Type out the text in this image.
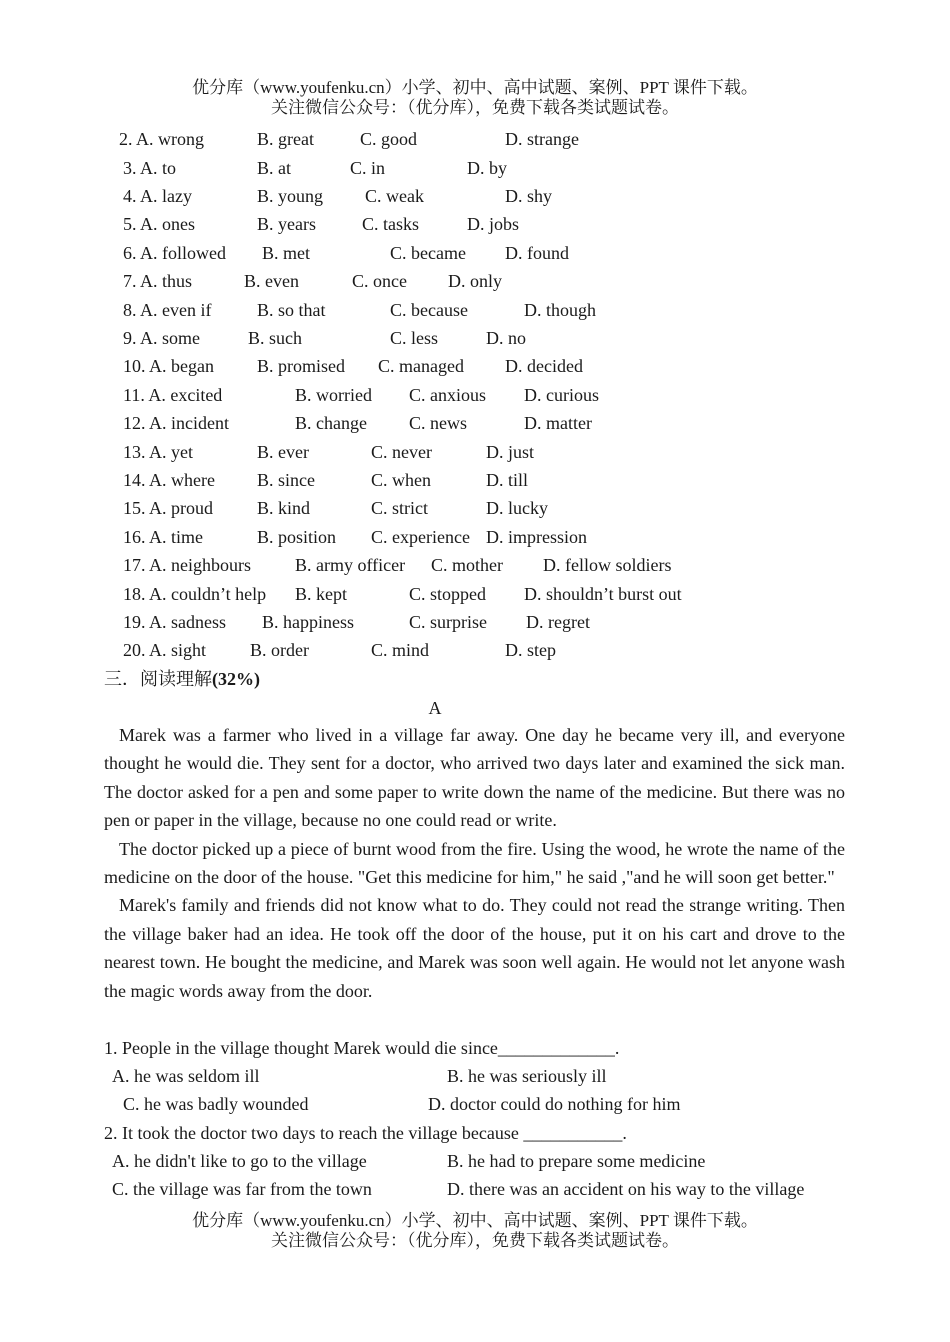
优分库（www.youfenku.cn）小学、初中、高中试题、案例、PPT 课件下载。
关注微信公众号：（优分库），免费下载各类试题试卷。
2. A. wrong	B. great	C. good	D. strange
3. A. to	B. at	C. in	D. by
4. A. lazy	B. young C. weak	D. shy
5. A. ones	B. years	C. tasks	D. jobs
6. A. followed B. met	C. became D. found
7. A. thus	B. even	C. once D. only
8. A. even if	B. so that	C. because	D. though
9. A. some	B. such	C. less	D. no
10. A. began B. promised C. managed D. decided
11. A. excited	B. worried C. anxious D. curious
12. A. incident	B. change C. news	D. matter
13. A. yet	B. ever	C. never	D. just
14. A. where B. since	C. when	D. till
15. A. proud B. kind	C. strict	D. lucky
16. A. time	B. position C. experience D. impression
17. A. neighbours B. army officer C. mother D. fellow soldiers
18. A. couldn’t help B. kept	C. stopped D. shouldn’t burst out
19. A. sadness B. happiness	C. surprise D. regret
20. A. sight B. order	C. mind	D. step
三．阅读理解(32%)
A

Marek was a farmer who lived in a village far away. One day he became very ill, and everyone thought he would die. They sent for a doctor, who arrived two days later and examined the sick man. The doctor asked for a pen and some paper to write down the name of the medicine. But there was no pen or paper in the village, because no one could read or write.

The doctor picked up a piece of burnt wood from the fire. Using the wood, he wrote the name of the medicine on the door of the house. "Get this medicine for him," he said ,"and he will soon get better."

Marek's family and friends did not know what to do. They could not read the strange writing. Then the village baker had an idea. He took off the door of the house, put it on his cart and drove to the nearest town. He bought the medicine, and Marek was soon well again. He would not let anyone wash the magic words away from the door.

1. People in the village thought Marek would die since_____________.
A. he was seldom ill	B. he was seriously ill
C. he was badly wounded	D. doctor could do nothing for him
2. It took the doctor two days to reach the village because ___________.
A. he didn't like to go to the village	B. he had to prepare some medicine
C. the village was far from the town	D. there was an accident on his way to the village
优分库（www.youfenku.cn）小学、初中、高中试题、案例、PPT 课件下载。
关注微信公众号：（优分库），免费下载各类试题试卷。
